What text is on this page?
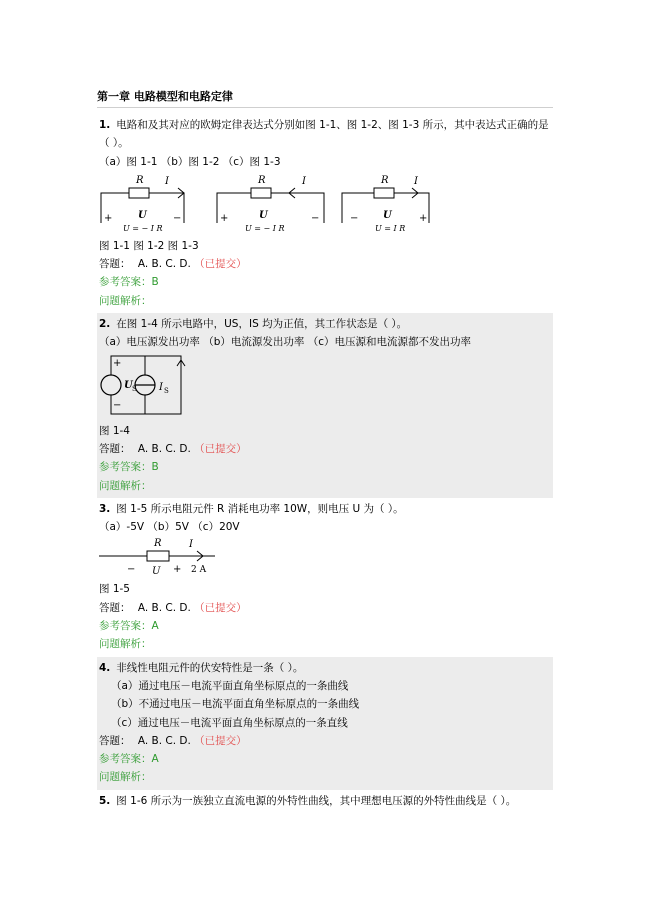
第一章 电路模型和电路定律
1. 电路和及其对应的欧姆定律表达式分别如图 1-1、图 1-2、图 1-3 所示，其中表达式正确的是（ ）。
（a）图 1-1 （b）图 1-2 （c）图 1-3
R I
+	−
U
U = − I R
R	I
+	−
U
U = − I R
R	I
−	+
U
U = I R
图 1-1 图 1-2 图 1-3
答题： A. B. C. D. （已提交）
参考答案：B
问题解析：
2. 在图 1-4 所示电路中，US，IS 均为正值，其工作状态是（ ）。
（a）电压源发出功率 （b）电流源发出功率 （c）电压源和电流源都不发出功率
+
−
U S I S
图 1-4
答题： A. B. C. D. （已提交）
参考答案：B
问题解析：
3. 图 1-5 所示电阻元件 R 消耗电功率 10W，则电压 U 为（ ）。
（a）-5V （b）5V （c）20V
R	I
− U + 2 A
图 1-5
答题： A. B. C. D. （已提交）
参考答案：A
问题解析：
4. 非线性电阻元件的伏安特性是一条（ ）。
（a）通过电压－电流平面直角坐标原点的一条曲线
（b）不通过电压－电流平面直角坐标原点的一条曲线
（c）通过电压－电流平面直角坐标原点的一条直线
答题： A. B. C. D. （已提交）
参考答案：A
问题解析：
5. 图 1-6 所示为一族独立直流电源的外特性曲线，其中理想电压源的外特性曲线是（ ）。
